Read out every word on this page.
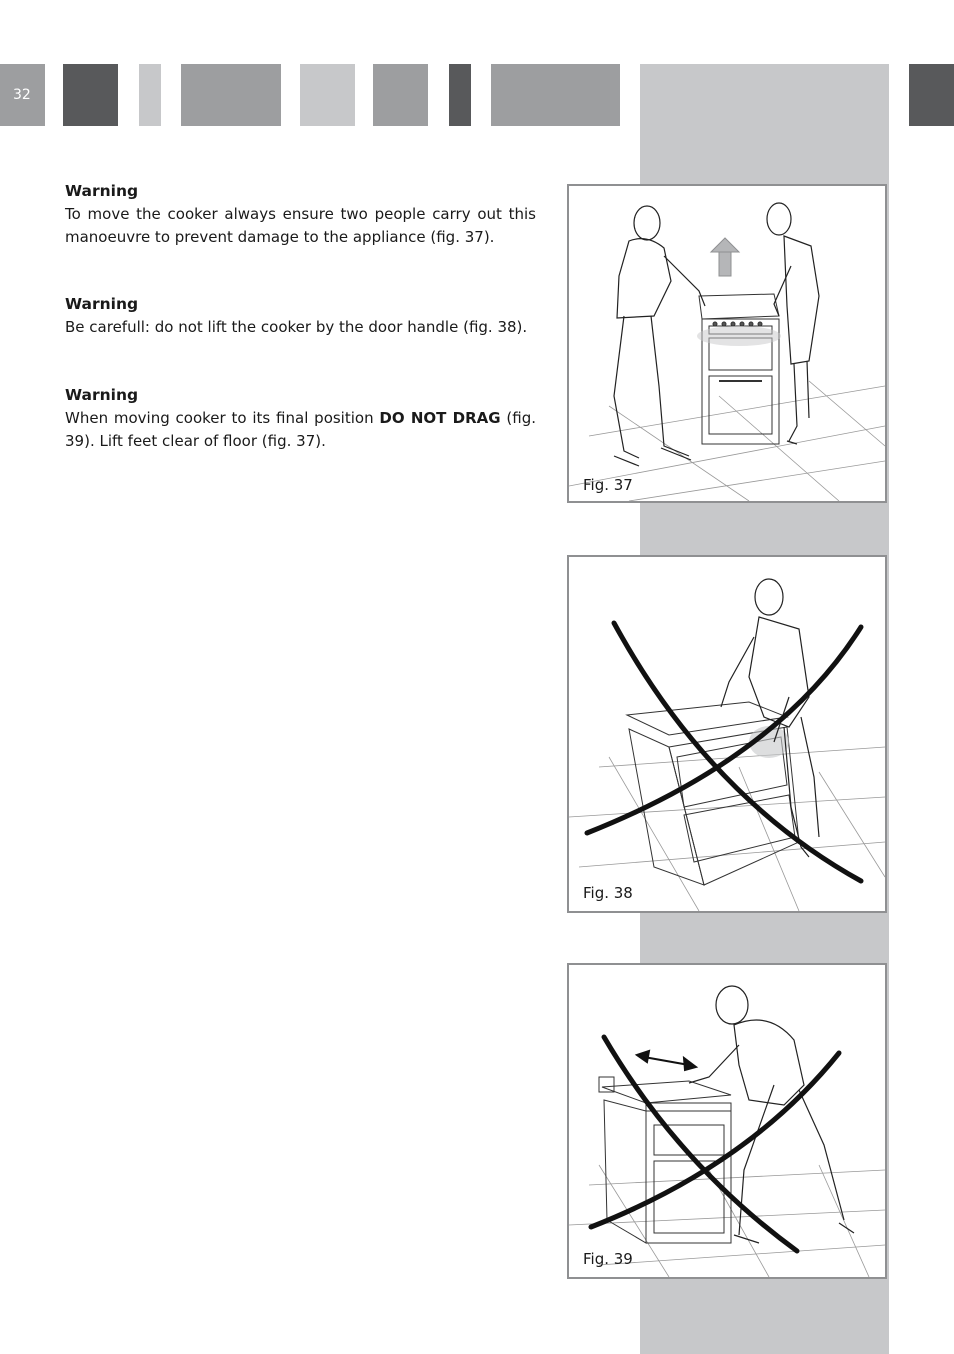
32
Warning
To move the cooker always ensure two people carry out this manoeuvre to prevent damage to the appliance (fig. 37).
Warning
Be carefull: do not lift the cooker by the door handle (fig. 38).
Warning
When moving cooker to its final position DO NOT DRAG (fig. 39). Lift feet clear of floor (fig. 37).
Fig. 37
Fig. 38
Fig. 39
